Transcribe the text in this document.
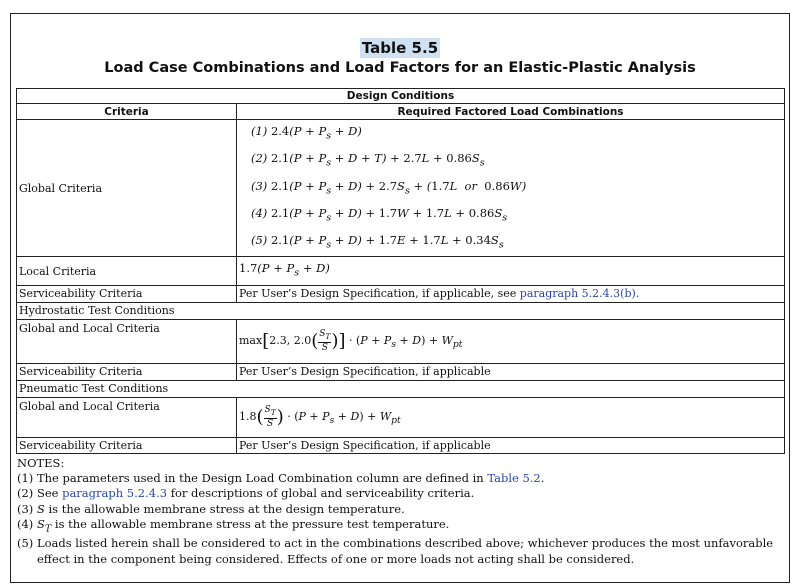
Table 5.5
Load Case Combinations and Load Factors for an Elastic-Plastic Analysis
Design Conditions	
Criteria	Required Factored Load Combinations
Global Criteria	(1) $2.4(P + P_s + D)$
(2) $2.1(P + P_s + D + T) + 2.7L + 0.86S_s$
(3) $2.1(P + P_s + D) + 2.7S_s + (1.7L$  or  0.86W)
(4) $2.1(P + P_s + D) + 1.7W + 1.7L + 0.86S_s$
(5) $2.1(P + P_s + D) + 1.7E + 1.7L + 0.34S_s$

Local Criteria	$1.7(P + P_s + D)$
Serviceability Criteria	Per User’s Design Specification, if applicable, see paragraph 5.2.4.3(b).
Hydrostatic Test Conditions	
Global and Local Criteria	max[2.3, $2.0( \frac{S_T}{S}$ )] · $(P + P_s + D) + W_{pt}$
Serviceability Criteria	Per User’s Design Specification, if applicable
Pneumatic Test Conditions	
Global and Local Criteria	$1.8( \frac{S_T}{S}$ ) · $(P + P_s + D) + W_{pt}$
Serviceability Criteria	Per User’s Design Specification, if applicable
NOTES:
(1) The parameters used in the Design Load Combination column are defined in Table 5.2.
(2) See paragraph 5.2.4.3 for descriptions of global and serviceability criteria.
(3) S is the allowable membrane stress at the design temperature.
(4) $S_T$ is the allowable membrane stress at the pressure test temperature.
(5) Loads listed herein shall be considered to act in the combinations described above; whichever produces the most unfavorable effect in the component being considered. Effects of one or more loads not acting shall be considered.
